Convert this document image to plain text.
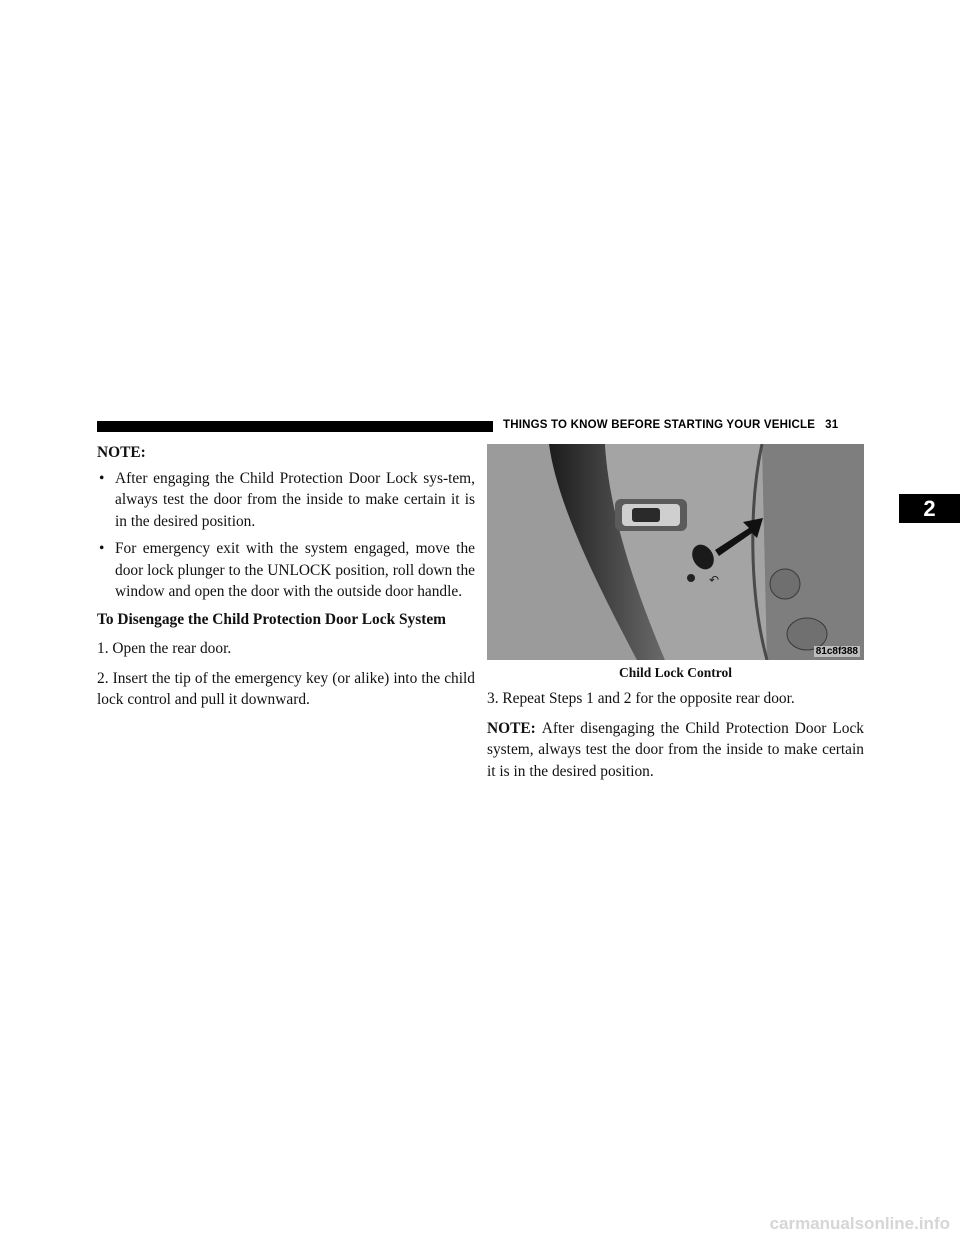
THINGS TO KNOW BEFORE STARTING YOUR VEHICLE 31
2

NOTE:

• After engaging the Child Protection Door Lock sys-tem, always test the door from the inside to make certain it is in the desired position.

• For emergency exit with the system engaged, move the door lock plunger to the UNLOCK position, roll down the window and open the door with the outside door handle.

To Disengage the Child Protection Door Lock System

1. Open the rear door.

2. Insert the tip of the emergency key (or alike) into the child lock control and pull it downward.

↶
81c8f388
Child Lock Control

3. Repeat Steps 1 and 2 for the opposite rear door.

NOTE: After disengaging the Child Protection Door Lock system, always test the door from the inside to make certain it is in the desired position.

carmanualsonline.info
